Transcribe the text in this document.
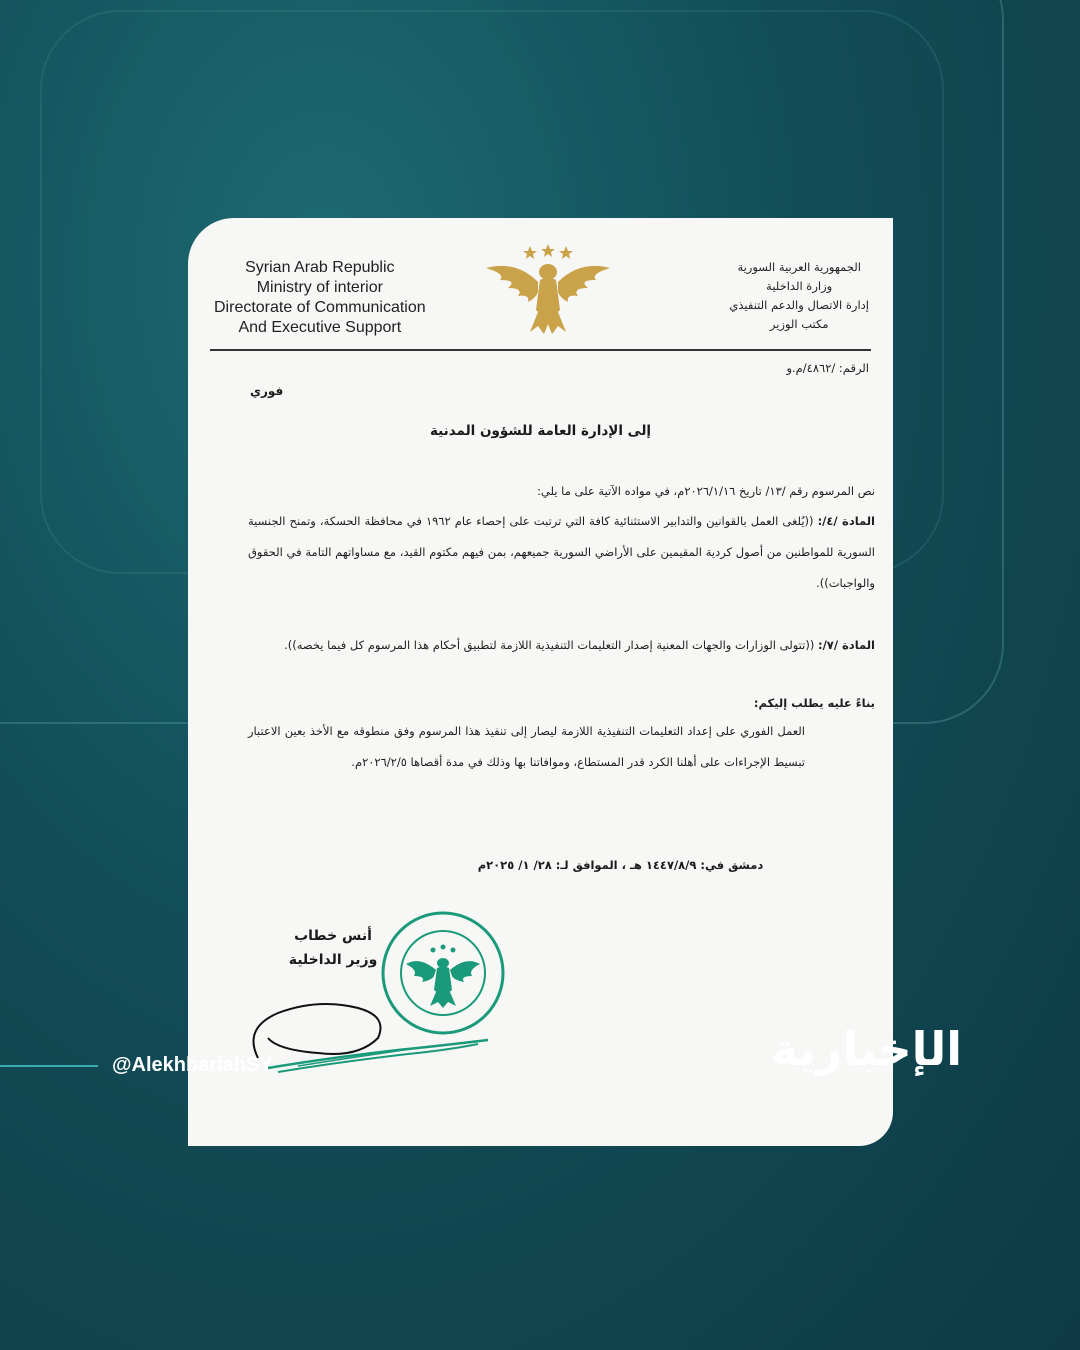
Syrian Arab Republic
Ministry of interior
Directorate of Communication
And Executive Support
الجمهورية العربية السورية
وزارة الداخلية
إدارة الاتصال والدعم التنفيذي
مكتب الوزير
الرقم: /٤٨٦٢/م.و
فوري
إلى الإدارة العامة للشؤون المدنية
نص المرسوم رقم /١٣/ تاريخ ٢٠٢٦/١/١٦م، في مواده الآتية على ما يلي:
المادة /٤/: ((يُلغى العمل بالقوانين والتدابير الاستثنائية كافة التي ترتبت على إحصاء عام ١٩٦٢ في محافظة الحسكة، وتمنح الجنسية السورية للمواطنين من أصول كردية المقيمين على الأراضي السورية جميعهم، بمن فيهم مكتوم القيد، مع مساواتهم التامة في الحقوق والواجبات)).
المادة /٧/: ((تتولى الوزارات والجهات المعنية إصدار التعليمات التنفيذية اللازمة لتطبيق أحكام هذا المرسوم كل فيما يخصه)).
بناءً عليه يطلب إليكم:
العمل الفوري على إعداد التعليمات التنفيذية اللازمة ليصار إلى تنفيذ هذا المرسوم وفق منطوقه مع الأخذ بعين الاعتبار تبسيط الإجراءات على أهلنا الكرد قدر المستطاع، وموافاتنا بها وذلك في مدة أقصاها ٢٠٢٦/٢/٥م.
دمشق في: ١٤٤٧/٨/٩ هـ ، الموافق لـ: ٢٨/ ١/ ٢٠٢٥م
أنس خطاب
وزير الداخلية
@AlekhbariahSY	الإخبارية
